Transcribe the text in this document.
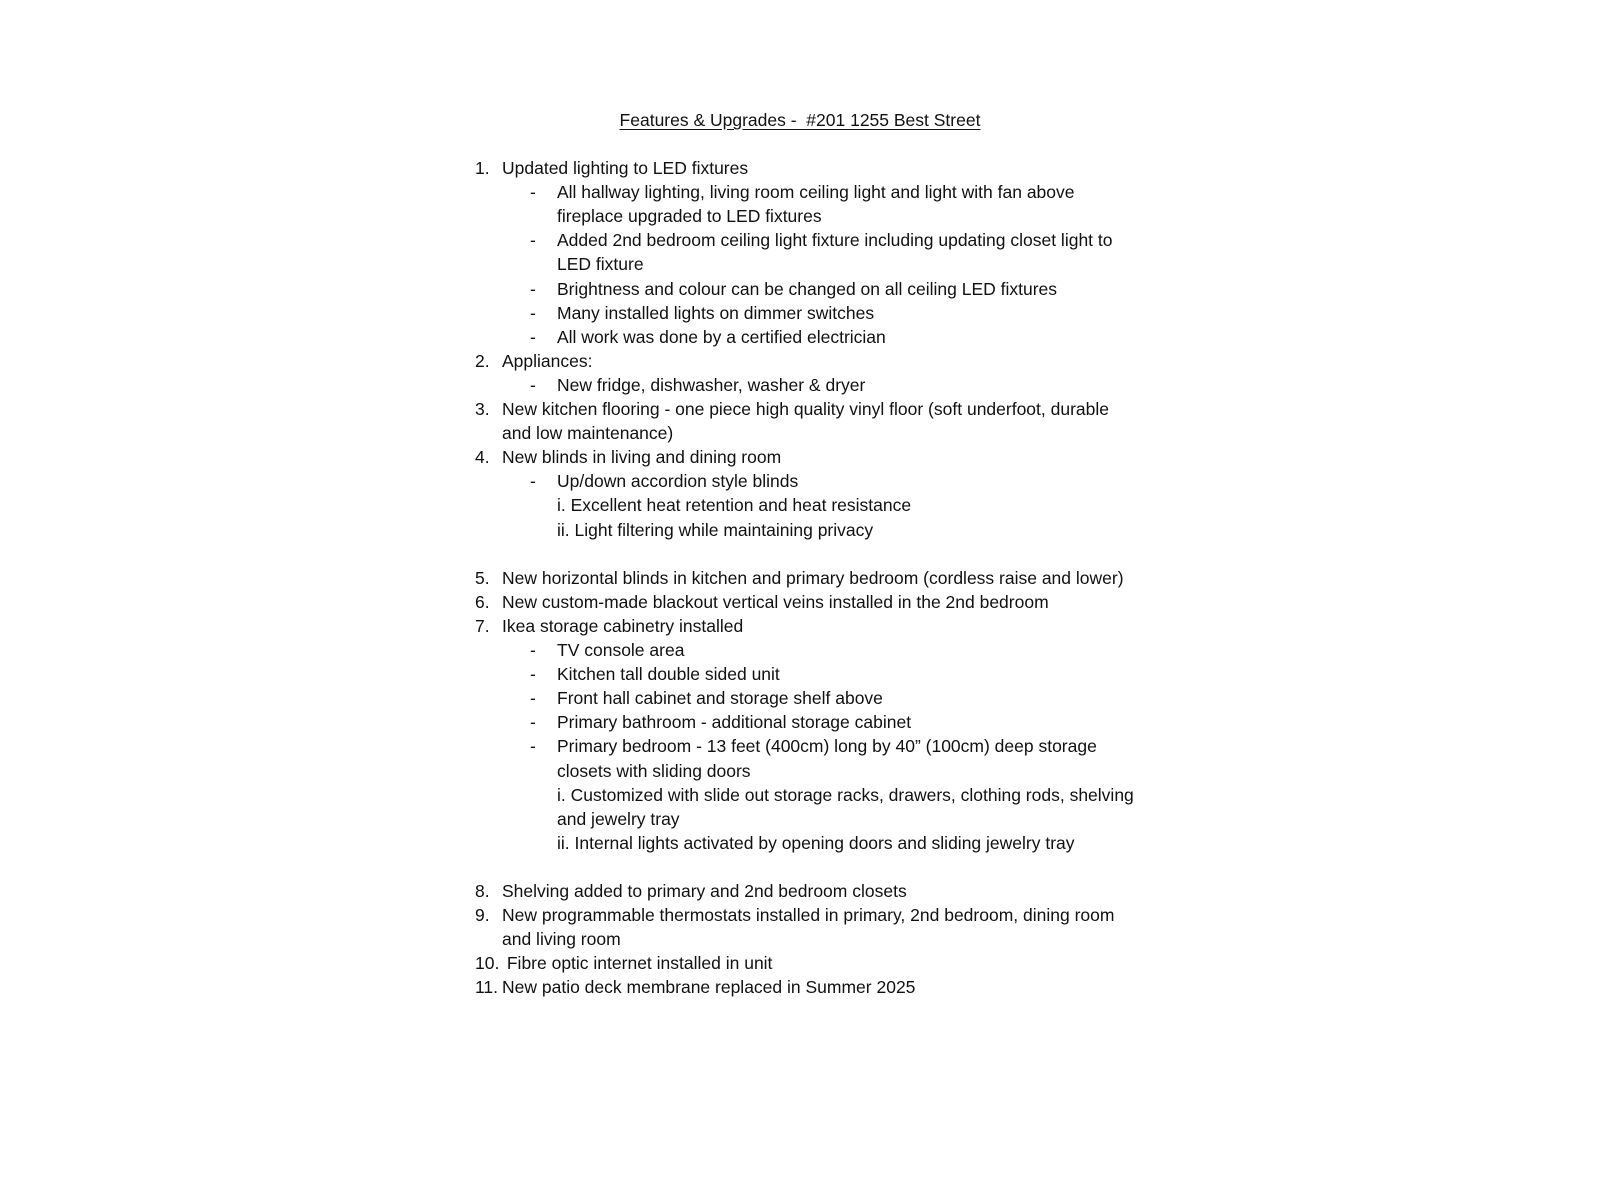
Features & Upgrades -  #201 1255 Best Street
1. Updated lighting to LED fixtures
- All hallway lighting, living room ceiling light and light with fan above
fireplace upgraded to LED fixtures
- Added 2nd bedroom ceiling light fixture including updating closet light to
LED fixture
- Brightness and colour can be changed on all ceiling LED fixtures
- Many installed lights on dimmer switches
- All work was done by a certified electrician
2. Appliances:
- New fridge, dishwasher, washer & dryer
3. New kitchen flooring - one piece high quality vinyl floor (soft underfoot, durable
and low maintenance)
4. New blinds in living and dining room
- Up/down accordion style blinds
i. Excellent heat retention and heat resistance
ii. Light filtering while maintaining privacy
5. New horizontal blinds in kitchen and primary bedroom (cordless raise and lower)
6. New custom-made blackout vertical veins installed in the 2nd bedroom
7. Ikea storage cabinetry installed
- TV console area
- Kitchen tall double sided unit
- Front hall cabinet and storage shelf above
- Primary bathroom - additional storage cabinet
- Primary bedroom - 13 feet (400cm) long by 40” (100cm) deep storage
closets with sliding doors
i. Customized with slide out storage racks, drawers, clothing rods, shelving
and jewelry tray
ii. Internal lights activated by opening doors and sliding jewelry tray
8. Shelving added to primary and 2nd bedroom closets
9. New programmable thermostats installed in primary, 2nd bedroom, dining room
and living room
10. Fibre optic internet installed in unit
11. New patio deck membrane replaced in Summer 2025
